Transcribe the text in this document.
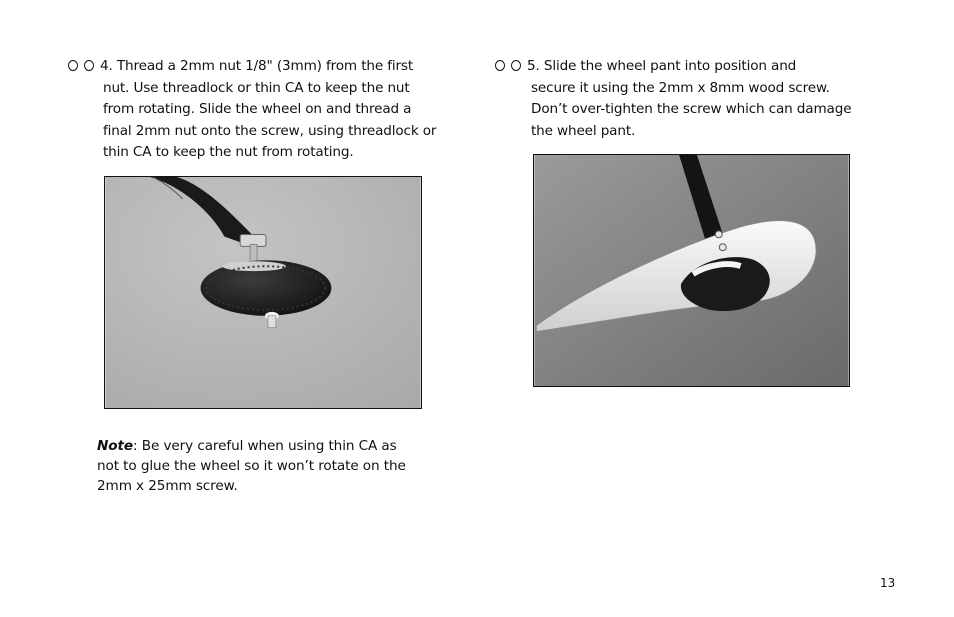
4. Thread a 2mm nut 1/8" (3mm) from the first
nut. Use threadlock or thin CA to keep the nut
from rotating. Slide the wheel on and thread a
final 2mm nut onto the screw, using threadlock or
thin CA to keep the nut from rotating.
Note: Be very careful when using thin CA as
not to glue the wheel so it won’t rotate on the
2mm x 25mm screw.
5. Slide the wheel pant into position and
secure it using the 2mm x 8mm wood screw.
Don’t over-tighten the screw which can damage
the wheel pant.
13
